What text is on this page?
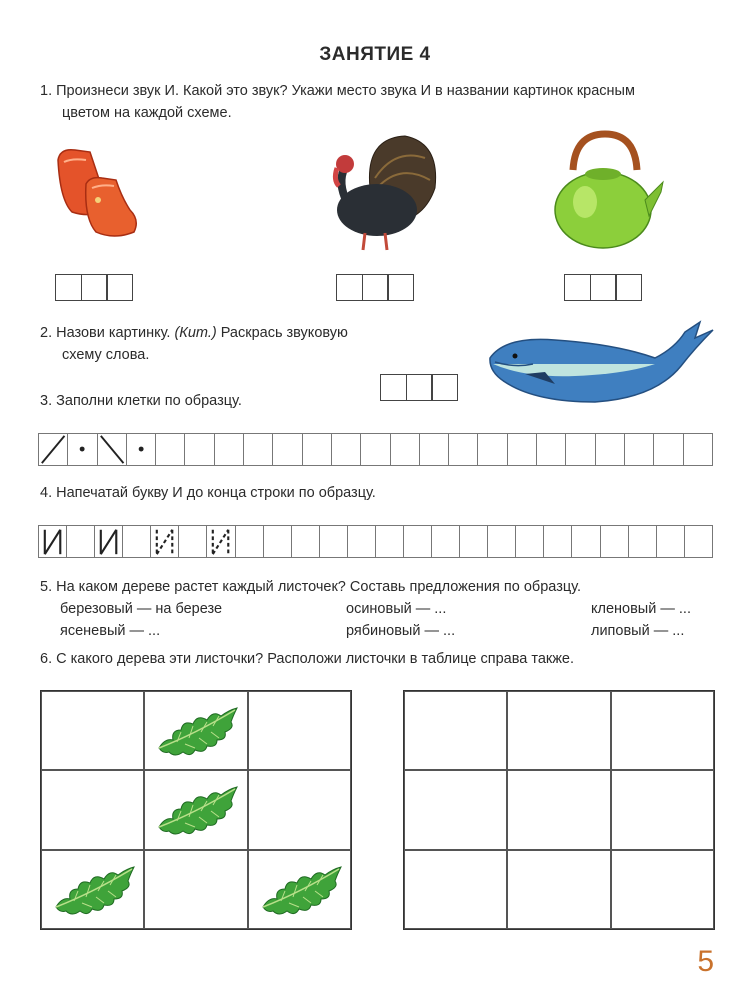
ЗАНЯТИЕ 4
1. Произнеси звук И. Какой это звук? Укажи место звука И в названии картинок красным
цветом на каждой схеме.
2. Назови картинку. (Кит.) Раскрась звуковую
схему слова.
3. Заполни клетки по образцу.
4. Напечатай букву И до конца строки по образцу.
5. На каком дереве растет каждый листочек? Составь предложения по образцу.
березовый — на березе	осиновый — ...	кленовый — ...
ясеневый — ...	рябиновый — ...	липовый — ...
6. С какого дерева эти листочки? Расположи листочки в таблице справа также.
5
